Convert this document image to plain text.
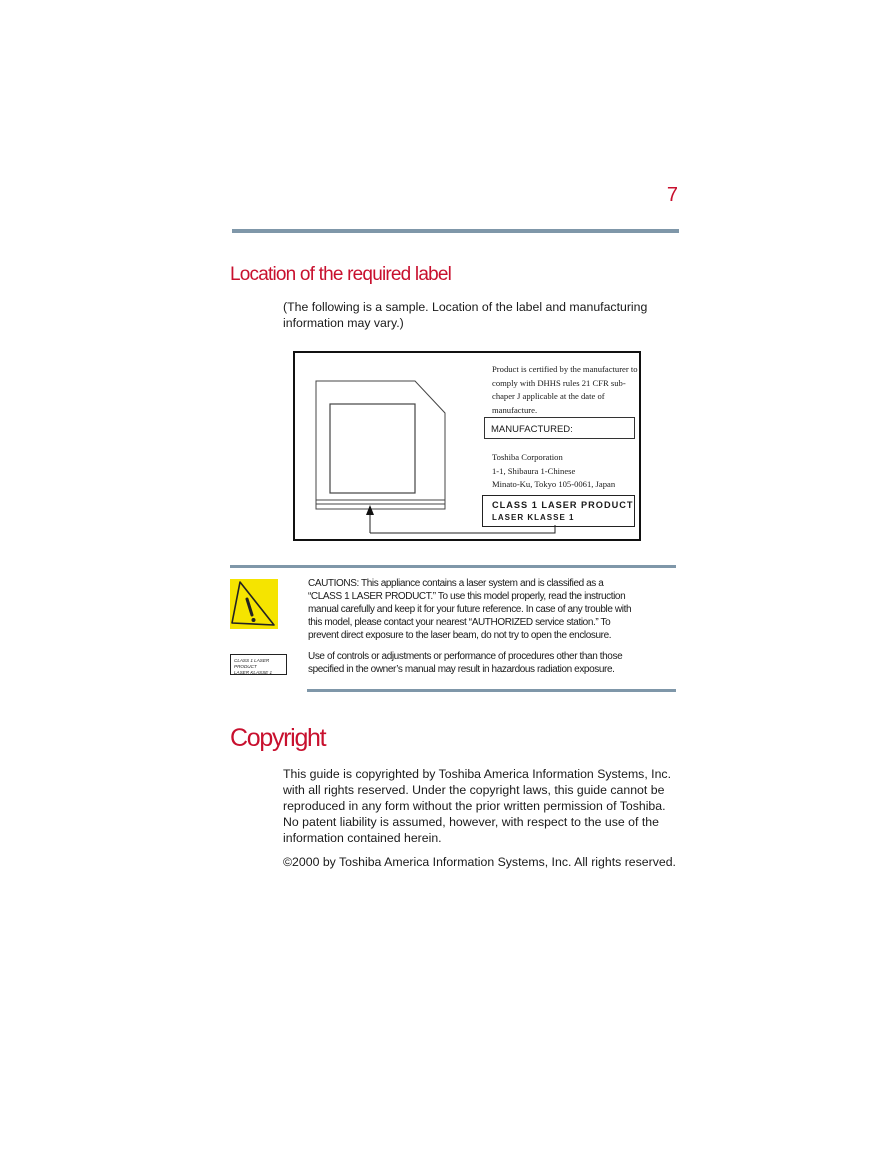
7
Location of the required label
(The following is a sample. Location of the label and manufacturing
information may vary.)
Product is certified by the manufacturer to
comply with DHHS rules 21 CFR sub-
chaper J applicable at the date of
manufacture.
MANUFACTURED:
Toshiba Corporation
1-1, Shibaura 1-Chinese
Minato-Ku, Tokyo 105-0061, Japan
CLASS 1 LASER PRODUCT
LASER KLASSE 1
CAUTIONS: This appliance contains a laser system and is classified as a
“CLASS 1 LASER PRODUCT.” To use this model properly, read the instruction
manual carefully and keep it for your future reference. In case of any trouble with
this model, please contact your nearest “AUTHORIZED service station.” To
prevent direct exposure to the laser beam, do not try to open the enclosure.
CLASS 1 LASER PRODUCT
LASER KLASSE 1
Use of controls or adjustments or performance of procedures other than those
specified in the owner’s manual may result in hazardous radiation exposure.
Copyright
This guide is copyrighted by Toshiba America Information Systems, Inc.
with all rights reserved. Under the copyright laws, this guide cannot be
reproduced in any form without the prior written permission of Toshiba.
No patent liability is assumed, however, with respect to the use of the
information contained herein.
©2000 by Toshiba America Information Systems, Inc. All rights reserved.
